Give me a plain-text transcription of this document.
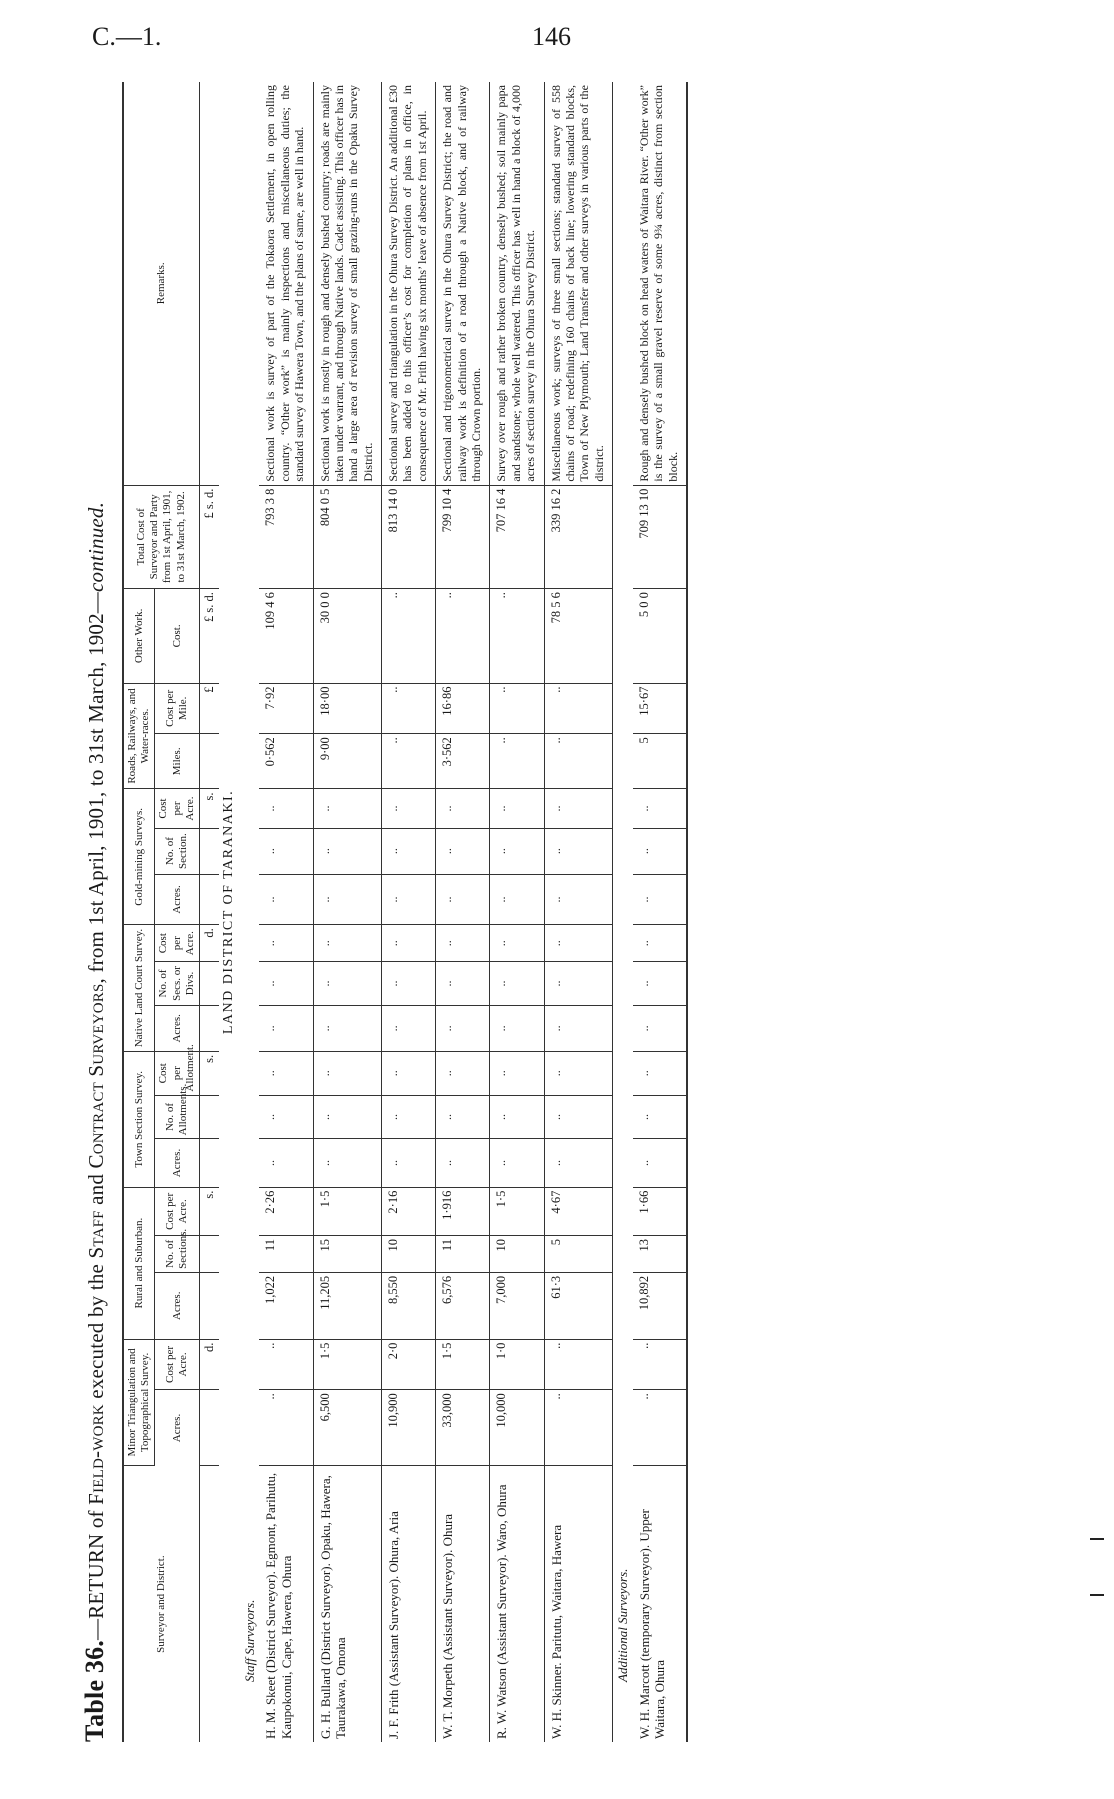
C.—1.	146
Table 36.—RETURN of Field-work executed by the Staff and Contract Surveyors, from 1st April, 1901, to 31st March, 1902—continued.
Surveyor and District.	Minor Triangulation and Topographical Survey.		Rural and Suburban.			Town Section Survey.			Native Land Court Survey.			Gold-mining Surveys.			Roads, Railways, and Water-races.		Other Work.	Total Cost of Surveyor and Party from 1st April, 1901, to 31st March, 1902.	Remarks.
	Acres.	Cost per Acre.	Acres.	No. of Sections.	Cost per Acre.	Acres.	No. of Allotments.	Cost per Allotment.	Acres.	No. of Secs. or Divs.	Cost per Acre.	Acres.	No. of Section.	Cost per Acre.	Miles.	Cost per Mile.	Cost.		
		d.			s.			s.			d.			s.		£	£ s. d.	£ s. d.	
LAND DISTRICT OF TARANAKI.																			
Staff Surveyors.																			
H. M. Skeet (District Surveyor). Egmont, Parihutu, Kaupokonui, Cape, Hawera, Ohura	..	..	1,022	11	2·26	..	..	..	..	..	..	..	..	..	0·562	7·92	109 4 6	793 3 8	Sectional work is survey of part of the Tokaora Settlement, in open rolling country. “Other work” is mainly inspections and miscellaneous duties; the standard survey of Hawera Town, and the plans of same, are well in hand.
G. H. Bullard (District Surveyor). Opaku, Hawera, Taurakawa, Omona	6,500	1·5	11,205	15	1·5	..	..	..	..	..	..	..	..	..	9·00	18·00	30 0 0	804 0 5	Sectional work is mostly in rough and densely bushed country; roads are mainly taken under warrant, and through Native lands. Cadet assisting. This officer has in hand a large area of revision survey of small grazing-runs in the Opaku Survey District.
J. F. Frith (Assistant Surveyor). Ohura, Aria	10,900	2·0	8,550	10	2·16	..	..	..	..	..	..	..	..	..	..	..	..	813 14 0	Sectional survey and triangulation in the Ohura Survey District. An additional £30 has been added to this officer’s cost for completion of plans in office, in consequence of Mr. Frith having six months’ leave of absence from 1st April.
W. T. Morpeth (Assistant Surveyor). Ohura	33,000	1·5	6,576	11	1·916	..	..	..	..	..	..	..	..	..	3·562	16·86	..	799 10 4	Sectional and trigonometrical survey in the Ohura Survey District; the road and railway work is definition of a road through a Native block, and of railway through Crown portion.
R. W. Watson (Assistant Surveyor). Waro, Ohura	10,000	1·0	7,000	10	1·5	..	..	..	..	..	..	..	..	..	..	..	..	707 16 4	Survey over rough and rather broken country, densely bushed; soil mainly papa and sandstone; whole well watered. This officer has well in hand a block of 4,000 acres of section survey in the Ohura Survey District.
W. H. Skinner. Paritutu, Waitara, Hawera	..	..	61·3	5	4·67	..	..	..	..	..	..	..	..	..	..	..	78 5 6	339 16 2	Miscellaneous work; surveys of three small sections; standard survey of 558 chains of road; redefining 160 chains of back line; lowering standard blocks, Town of New Plymouth; Land Transfer and other surveys in various parts of the district.
Additional Surveyors.																			
W. H. Marcott (temporary Surveyor). Upper Waitara, Ohura	..	..	10,892	13	1·66	..	..	..	..	..	..	..	..	..	5	15·67	5 0 0	709 13 10	Rough and densely bushed block on head waters of Waitara River. “Other work” is the survey of a small gravel reserve of some 9¾ acres, distinct from section block.
